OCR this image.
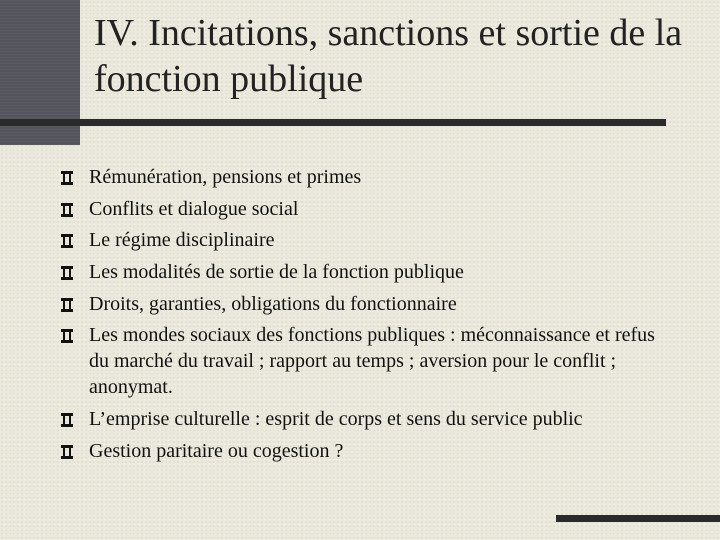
IV. Incitations, sanctions et sortie de la fonction publique
Rémunération, pensions et primes
Conflits et dialogue social
Le régime disciplinaire
Les modalités de sortie de la fonction publique
Droits, garanties, obligations du fonctionnaire
Les mondes sociaux des fonctions publiques : méconnaissance et refus du marché du travail ; rapport au temps ; aversion pour le conflit ; anonymat.
L’emprise culturelle : esprit de corps et sens du service public
Gestion paritaire ou cogestion ?
